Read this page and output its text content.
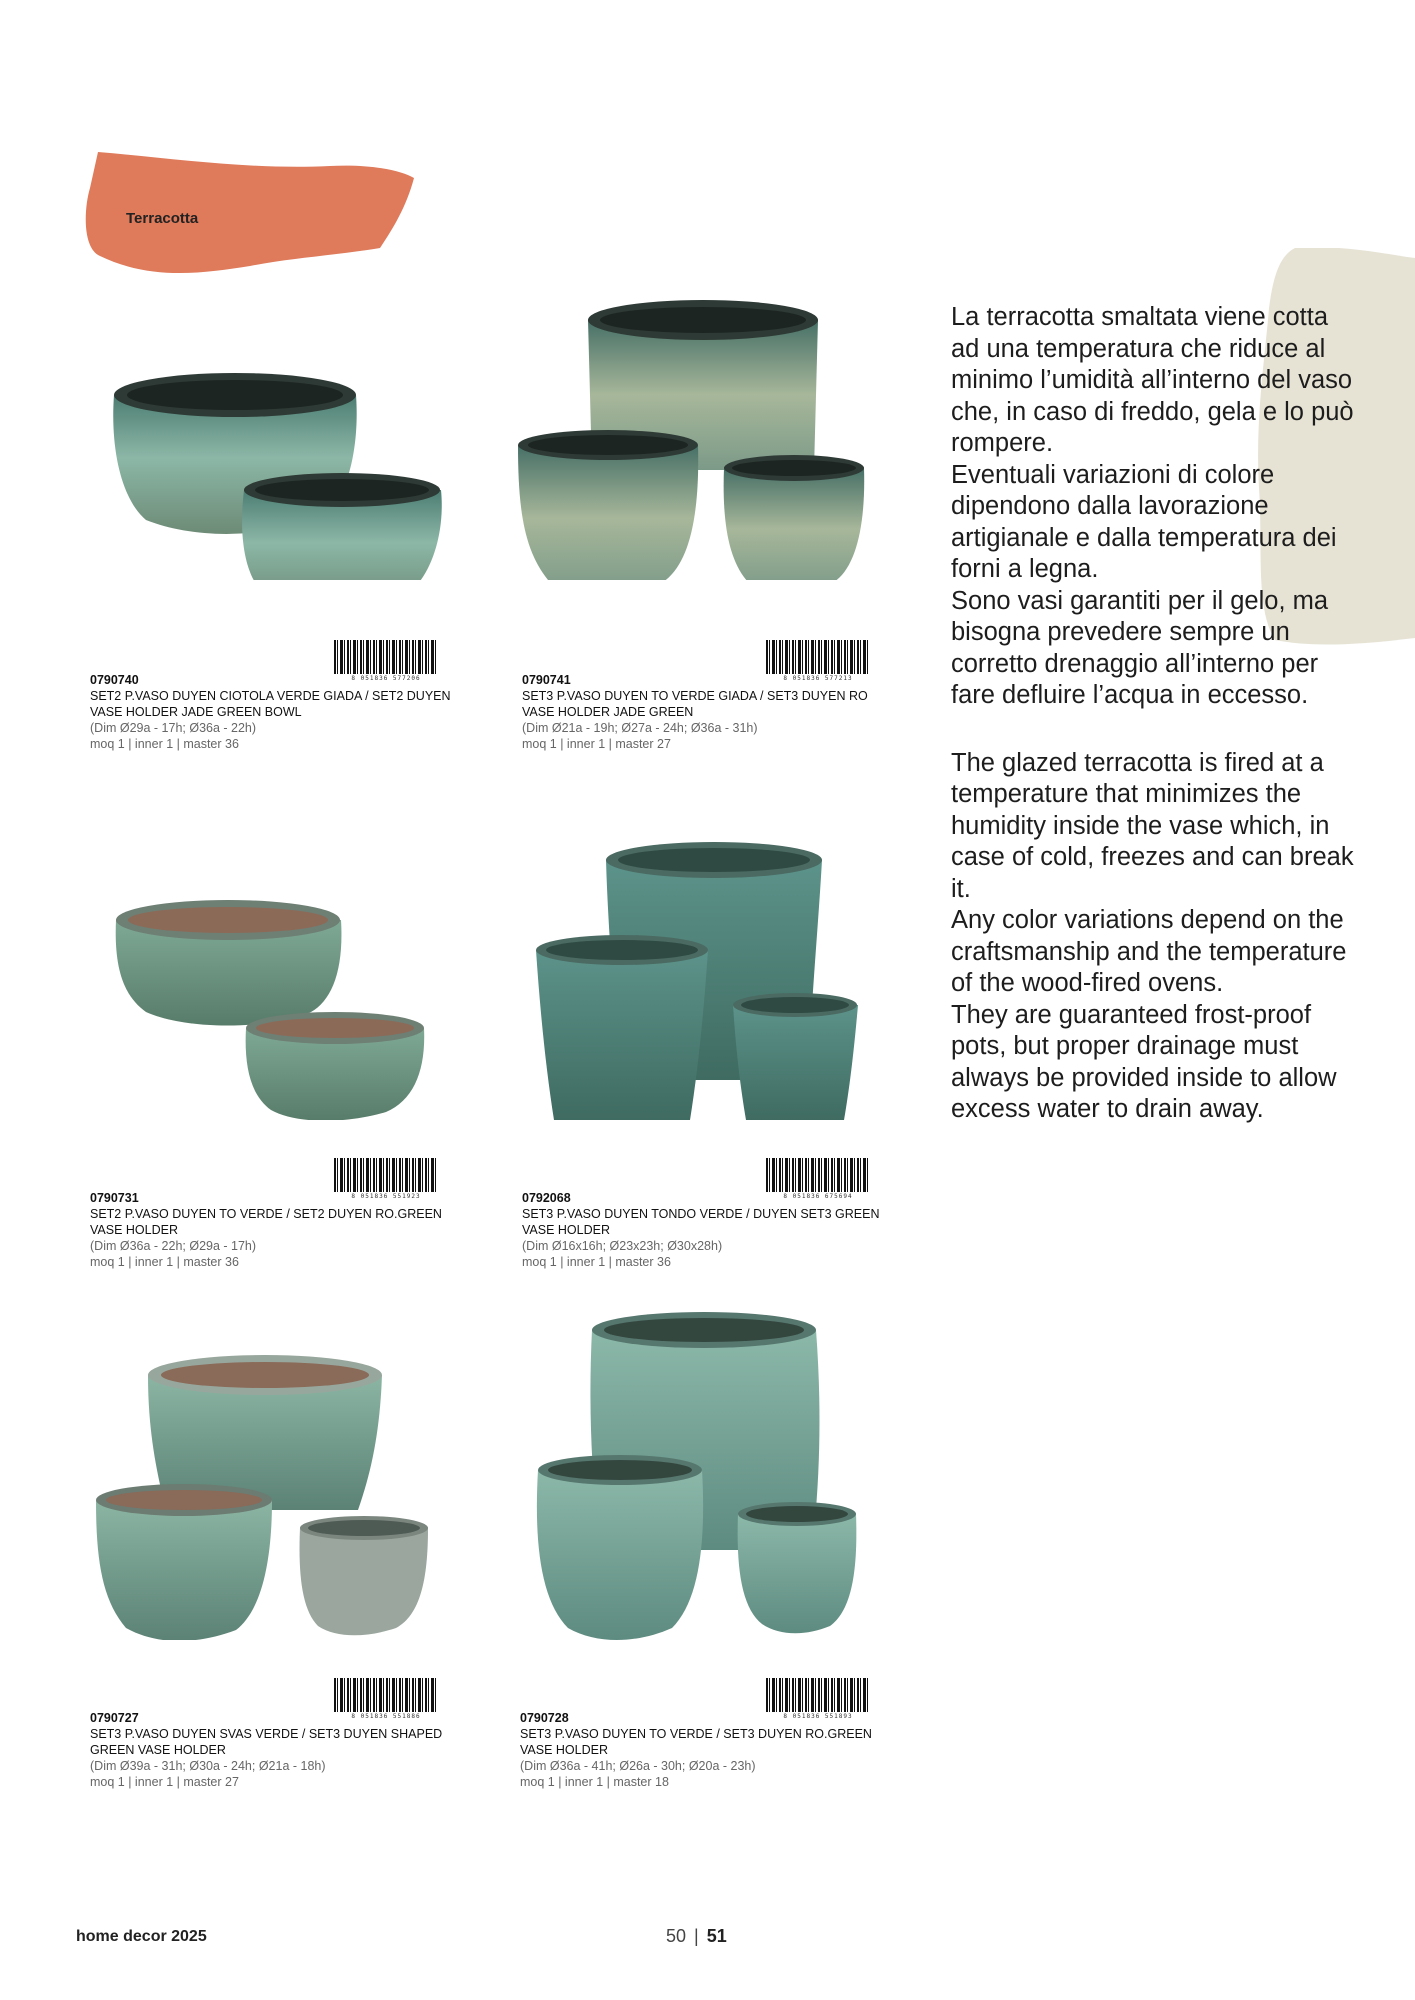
Terracotta
8 051836 577206
0790740
SET2 P.VASO DUYEN CIOTOLA VERDE GIADA / SET2 DUYEN VASE HOLDER JADE GREEN BOWL
(Dim Ø29a - 17h; Ø36a - 22h)
moq 1 | inner 1 | master 36
8 051836 577213
0790741
SET3 P.VASO DUYEN TO VERDE GIADA / SET3 DUYEN RO VASE HOLDER JADE GREEN
(Dim Ø21a - 19h; Ø27a - 24h; Ø36a - 31h)
moq 1 | inner 1 | master 27
8 051836 551923
0790731
SET2 P.VASO DUYEN TO VERDE / SET2 DUYEN RO.GREEN VASE HOLDER
(Dim Ø36a - 22h; Ø29a - 17h)
moq 1 | inner 1 | master 36
8 051836 675694
0792068
SET3 P.VASO DUYEN TONDO VERDE / DUYEN SET3 GREEN VASE HOLDER
(Dim Ø16x16h; Ø23x23h; Ø30x28h)
moq 1 | inner 1 | master 36
8 051836 551886
0790727
SET3 P.VASO DUYEN SVAS VERDE / SET3 DUYEN SHAPED GREEN VASE HOLDER
(Dim Ø39a - 31h; Ø30a - 24h; Ø21a - 18h)
moq 1 | inner 1 | master 27
8 051836 551893
0790728
SET3 P.VASO DUYEN TO VERDE / SET3 DUYEN RO.GREEN VASE HOLDER
(Dim Ø36a - 41h; Ø26a - 30h; Ø20a - 23h)
moq 1 | inner 1 | master 18

La terracotta smaltata viene cotta ad una temperatura che riduce al minimo l’umidità all’interno del vaso che, in caso di freddo, gela e lo può rompere.

Eventuali variazioni di colore dipendono dalla lavorazione artigianale e dalla temperatura dei forni a legna.

Sono vasi garantiti per il gelo, ma bisogna prevedere sempre un corretto drenaggio all’interno per fare defluire l’acqua in eccesso.

The glazed terracotta is fired at a temperature that minimizes the humidity inside the vase which, in case of cold, freezes and can break it.

Any color variations depend on the craftsmanship and the temperature of the wood-fired ovens.

They are guaranteed frost-proof pots, but proper drainage must always be provided inside to allow excess water to drain away.

home decor 2025	50 | 51
